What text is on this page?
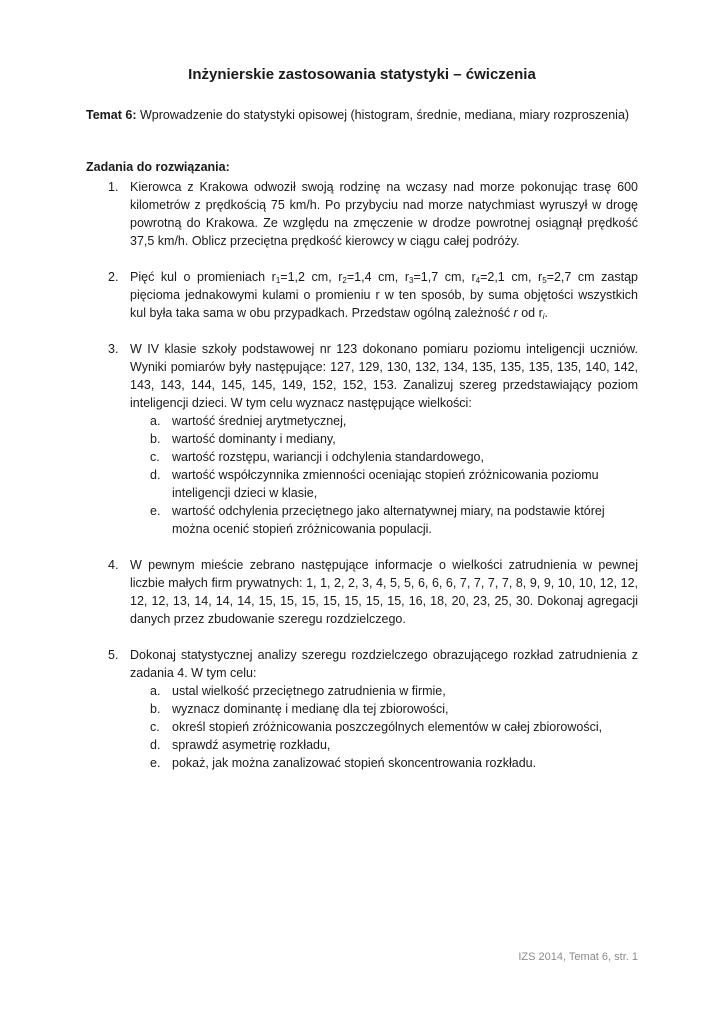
Inżynierskie zastosowania statystyki – ćwiczenia
Temat 6: Wprowadzenie do statystyki opisowej (histogram, średnie, mediana, miary rozproszenia)
Zadania do rozwiązania:
1. Kierowca z Krakowa odwoził swoją rodzinę na wczasy nad morze pokonując trasę 600 kilometrów z prędkością 75 km/h. Po przybyciu nad morze natychmiast wyruszył w drogę powrotną do Krakowa. Ze względu na zmęczenie w drodze powrotnej osiągnął prędkość 37,5 km/h. Oblicz przeciętna prędkość kierowcy w ciągu całej podróży.
2. Pięć kul o promieniach $r_1=1,2$ cm, $r_2=1,4$ cm, $r_3=1,7$ cm, $r_4=2,1$ cm, $r_5=2,7$ cm zastąp pięcioma jednakowymi kulami o promieniu r w ten sposób, by suma objętości wszystkich kul była taka sama w obu przypadkach. Przedstaw ogólną zależność r od $r_i$.
3. W IV klasie szkoły podstawowej nr 123 dokonano pomiaru poziomu inteligencji uczniów. Wyniki pomiarów były następujące: 127, 129, 130, 132, 134, 135, 135, 135, 135, 140, 142, 143, 143, 144, 145, 145, 149, 152, 152, 153. Zanalizuj szereg przedstawiający poziom inteligencji dzieci. W tym celu wyznacz następujące wielkości:
a. wartość średniej arytmetycznej,
b. wartość dominanty i mediany,
c. wartość rozstępu, wariancji i odchylenia standardowego,
d. wartość współczynnika zmienności oceniając stopień zróżnicowania poziomu inteligencji dzieci w klasie,
e. wartość odchylenia przeciętnego jako alternatywnej miary, na podstawie której można ocenić stopień zróżnicowania populacji.
4. W pewnym mieście zebrano następujące informacje o wielkości zatrudnienia w pewnej liczbie małych firm prywatnych: 1, 1, 2, 2, 3, 4, 5, 5, 6, 6, 6, 7, 7, 7, 7, 8, 9, 9, 10, 10, 12, 12, 12, 12, 13, 14, 14, 14, 15, 15, 15, 15, 15, 15, 15, 16, 18, 20, 23, 25, 30. Dokonaj agregacji danych przez zbudowanie szeregu rozdzielczego.
5. Dokonaj statystycznej analizy szeregu rozdzielczego obrazującego rozkład zatrudnienia z zadania 4. W tym celu:
a. ustal wielkość przeciętnego zatrudnienia w firmie,
b. wyznacz dominantę i medianę dla tej zbiorowości,
c. określ stopień zróżnicowania poszczególnych elementów w całej zbiorowości,
d. sprawdź asymetrię rozkładu,
e. pokaż, jak można zanalizować stopień skoncentrowania rozkładu.
IZS 2014, Temat 6, str. 1
